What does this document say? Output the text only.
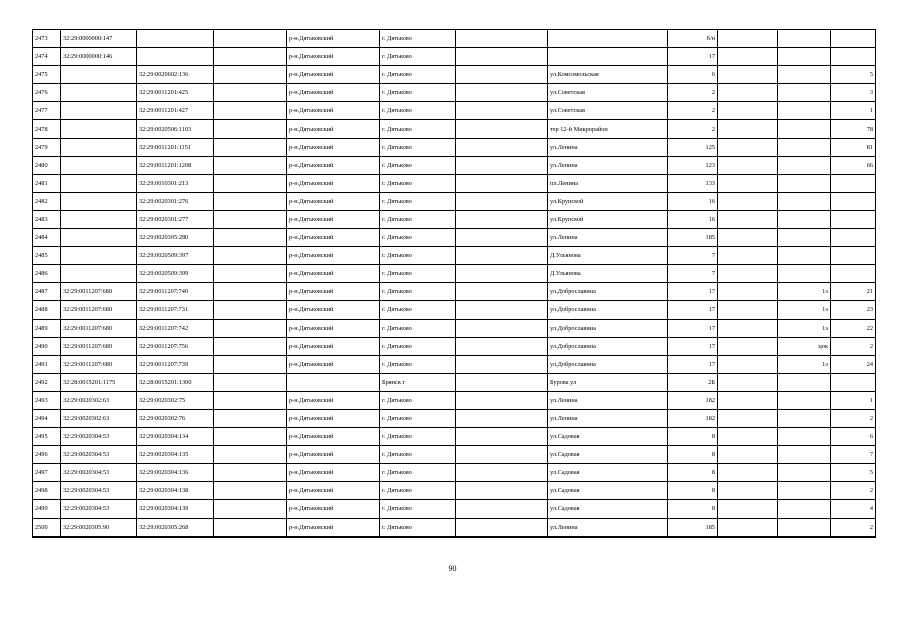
2473	32:29:0000000:147			р-н.Дятьковский	г. Дятьково			б/н			
2474	32:29:0000000:146			р-н.Дятьковский	г. Дятьково			17			
2475		32:29:0020602:136		р-н.Дятьковский	г. Дятьково		ул.Комсомольская	6			5
2476		32:29:0011201:425		р-н.Дятьковский	г. Дятьково		ул.Советская	2			3
2477		32:29:0011201:427		р-н.Дятьковский	г. Дятьково		ул.Советская	2			1
2478		32:29:0020506:1103		р-н.Дятьковский	г. Дятьково		тер 12-й Микрорайон	2			78
2479		32:29:0011201:1151		р-н.Дятьковский	г. Дятьково		ул.Ленина	125			81
2480		32:29:0011201:1208		р-н.Дятьковский	г. Дятьково		ул.Ленина	123			66
2481		32:29:0010301:213		р-н.Дятьковский	г. Дятьково		пл.Ленина	133			
2482		32:29:0020301:276		р-н.Дятьковский	г. Дятьково		ул.Крупской	16			
2483		32:29:0020301:277		р-н.Дятьковский	г. Дятьково		ул.Крупской	16			
2484		32:29:0020305:280		р-н.Дятьковский	г. Дятьково		ул.Ленина	185			
2485		32:29:0020509:397		р-н.Дятьковский	г. Дятьково		Д.Ульянова	7			
2486		32:29:0020509:399		р-н.Дятьковский	г. Дятьково		Д.Ульянова	7			
2487	32:29:0011207:680	32:29:0011207:740		р-н.Дятьковский	г. Дятьково		ул.Доброславина	17		1э	21
2488	32:29:0011207:680	32:29:0011207:731		р-н.Дятьковский	г. Дятьково		ул.Доброславина	17		1э	23
2489	32:29:0011207:680	32:29:0011207:742		р-н.Дятьковский	г. Дятьково		ул.Доброславина	17		1э	22
2490	32:29:0011207:680	32:29:0011207:756		р-н.Дятьковский	г. Дятьково		ул.Доброславина	17		цок	2
2491	32:29:0011207:680	32:29:0011207:739		р-н.Дятьковский	г. Дятьково		ул.Доброславина	17		1э	24
2492	32:28:0015201:1175	32:28:0015201:1300			Брянск г		Бурова ул	2Б			
2493	32:29:0020302:63	32:29:0020302:75		р-н.Дятьковский	г. Дятьково		ул.Ленина	182			1
2494	32:29:0020302:63	32:29:0020302:76		р-н.Дятьковский	г. Дятьково		ул.Ленина	182			2
2495	32:29:0020304:53	32:29:0020304:134		р-н.Дятьковский	г. Дятьково		ул.Садовая	8			6
2496	32:29:0020304:53	32:29:0020304:135		р-н.Дятьковский	г. Дятьково		ул.Садовая	8			7
2497	32:29:0020304:53	32:29:0020304:136		р-н.Дятьковский	г. Дятьково		ул.Садовая	8			5
2498	32:29:0020304:53	32:29:0020304:138		р-н.Дятьковский	г. Дятьково		ул.Садовая	8			2
2499	32:29:0020304:53	32:29:0020304:139		р-н.Дятьковский	г. Дятьково		ул.Садовая	8			4
2500	32:29:0020305:90	32:29:0020305:268		р-н.Дятьковский	г. Дятьково		ул.Ленина	185			2
90
